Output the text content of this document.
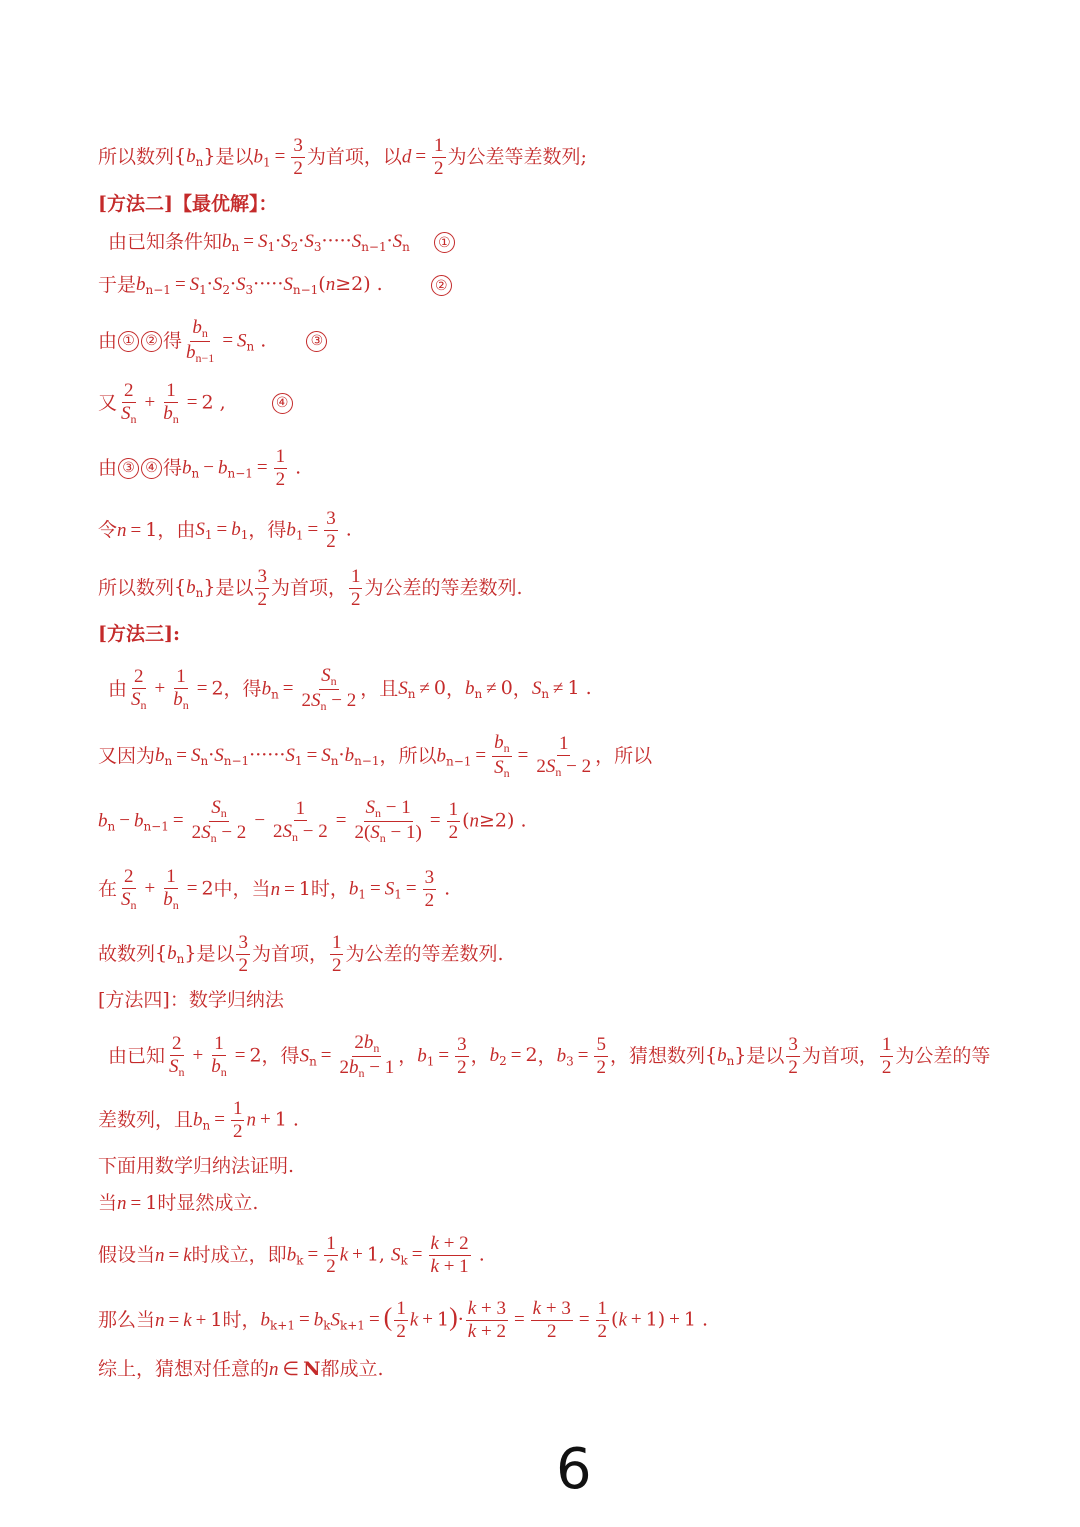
所以数列 $\{b_n\}$ 是以 $b_1 = \frac{3}{2}$ 为首项，以 $d = \frac{1}{2}$ 为公差等差数列;
[方法二]【最优解】：
由已知条件知 $b_n = S_1\cdot S_2\cdot S_3\cdot\cdot\cdot\cdot\cdot S_{n-1}\cdot S_n$	①
于是 $b_{n-1} = S_1\cdot S_2\cdot S_3\cdot\cdot\cdot\cdot\cdot S_{n-1}(n\ge 2)$ .	②
由 ① ② 得 $\frac{b_n}{b_{n-1}} = S_n$ .	③
又 $\frac{2}{S_n} + \frac{1}{b_n} = 2$ ,	④
由 ③ ④ 得 $b_n - b_{n-1} = \frac{1}{2}$ .
令 n = 1 ，由 $S_1 = b_1$ ，得 $b_1 = \frac{3}{2}$ .
所以数列 $\{b_n\}$ 是以
3
2
为首项，
1
2
为公差的等差数列.
[方法三]:
由 $\frac{2}{S_n} + \frac{1}{b_n} = 2$ ，得 $b_n = \frac{S_n}{2S_n - 2}$ ，且 $S_n \ne 0$ ， $b_n \ne 0$ ， $S_n \ne 1$ .
又因为 $b_n = S_n\cdot S_{n-1}\cdot\cdot\cdot\cdot\cdot\cdot S_1 = S_n\cdot b_{n-1}$ ，所以 $b_{n-1} = \frac{b_n}{S_n} = \frac{1}{2S_n - 2}$ ，所以
$b_n - b_{n-1} = \frac{S_n}{2S_n - 2} - \frac{1}{2S_n - 2} = \frac{S_n - 1}{2(S_n - 1)} = \frac{1}{2} (n\ge 2)$ .
在 $\frac{2}{S_n} + \frac{1}{b_n} = 2$ 中，当 n = 1 时， $b_1 = S_1 = \frac{3}{2}$ .
故数列 $\{b_n\}$ 是以
3
2
为首项，
1
2
为公差的等差数列.
[方法四]：数学归纳法
由已知 $\frac{2}{S_n} + \frac{1}{b_n} = 2$ ，得 $S_n = \frac{2b_n}{2b_n - 1}$ ， $b_1 = \frac{3}{2}$ ， $b_2 = 2$ ， $b_3 = \frac{5}{2}$ ，猜想数列 $\{b_n\}$ 是以
3
2
为首项，
1
2
为公差的等
差数列，且 $b_n = \frac{1}{2}$ n + 1 .
下面用数学归纳法证明.
当 n = 1 时显然成立.
假设当 n = k 时成立，即 $b_k = \frac{1}{2}$ k + 1, $S_k = \frac{k + 2}{k + 1}$ .
那么当 n = k + 1 时， $b_{k+1} = b_kS_{k+1}$ = ( $\frac{1}{2}$ $k + 1)\cdot \frac{k + 3}{k + 2} = \frac{k + 3}{2} = \frac{1}{2} (k + 1) + 1$ .
综上，猜想对任意的 n ∈ N 都成立.
6
